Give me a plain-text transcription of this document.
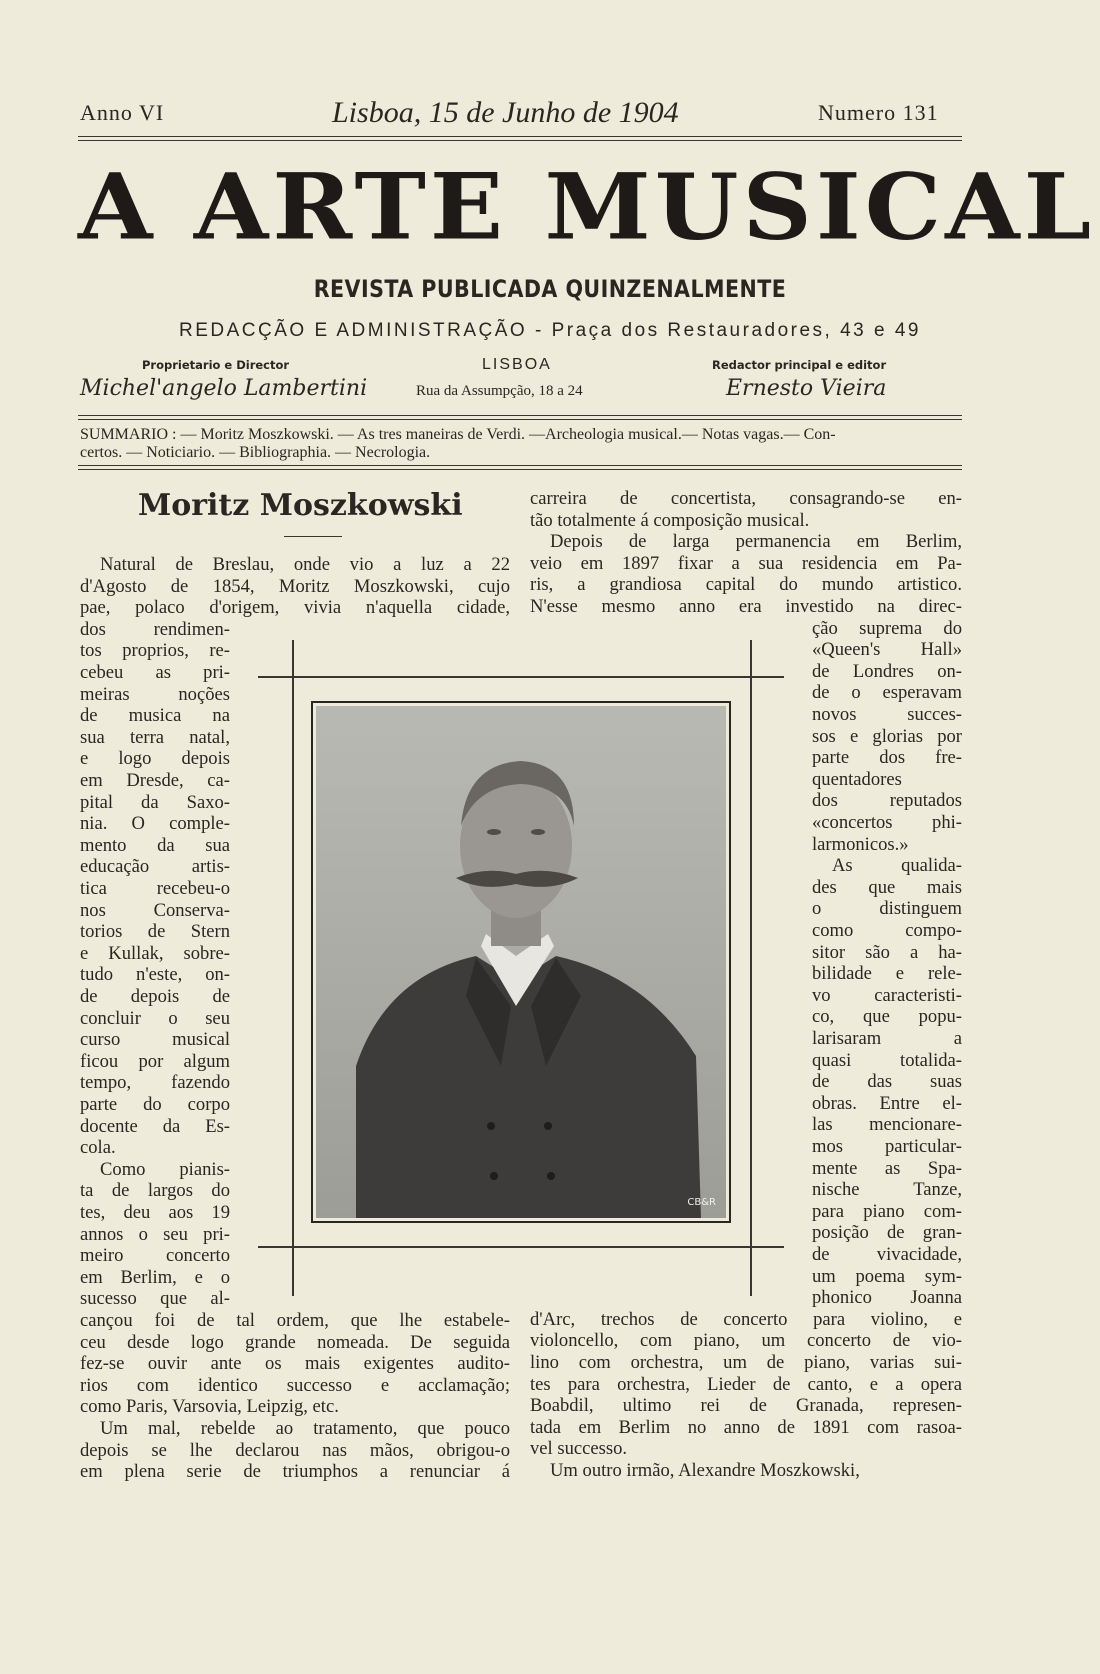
Anno VI	Lisboa, 15 de Junho de 1904	Numero 131
A ARTE MUSICAL
REVISTA PUBLICADA QUINZENALMENTE
REDACÇÃO E ADMINISTRAÇÃO - Praça dos Restauradores, 43 e 49
Proprietario e Director
Michel'angelo Lambertini
LISBOA
Rua da Assumpção, 18 a 24
Redactor principal e editor
Ernesto Vieira

SUMMARIO : — Moritz Moszkowski. — As tres maneiras de Verdi. —Archeologia musical.— Notas vagas.— Con-

certos. — Noticiario. — Bibliographia. — Necrologia.

Moritz Moszkowski
Natural de Breslau, onde vio a luz a 22
d'Agosto de 1854, Moritz Moszkowski, cujo
pae, polaco d'origem, vivia n'aquella cidade,
dos rendimen-
tos proprios, re-
cebeu as pri-
meiras noções
de musica na
sua terra natal,
e logo depois
em Dresde, ca-
pital da Saxo-
nia. O comple-
mento da sua
educação artis-
tica recebeu-o
nos Conserva-
torios de Stern
e Kullak, sobre-
tudo n'este, on-
de depois de
concluir o seu
curso musical
ficou por algum
tempo, fazendo
parte do corpo
docente da Es-
cola.
Como pianis-
ta de largos do
tes, deu aos 19
annos o seu pri-
meiro concerto
em Berlim, e o
sucesso que al-
cançou foi de tal ordem, que lhe estabele-
ceu desde logo grande nomeada. De seguida
fez-se ouvir ante os mais exigentes audito-
rios com identico successo e acclamação;
como Paris, Varsovia, Leipzig, etc.
Um mal, rebelde ao tratamento, que pouco
depois se lhe declarou nas mãos, obrigou-o
em plena serie de triumphos a renunciar á
carreira de concertista, consagrando-se en-
tão totalmente á composição musical.
Depois de larga permanencia em Berlim,
veio em 1897 fixar a sua residencia em Pa-
ris, a grandiosa capital do mundo artistico.
N'esse mesmo anno era investido na direc-
ção suprema do
«Queen's Hall»
de Londres on-
de o esperavam
novos succes-
sos e glorias por
parte dos fre-
quentadores
dos reputados
«concertos phi-
larmonicos.»
As qualida-
des que mais
o distinguem
como compo-
sitor são a ha-
bilidade e rele-
vo caracteristi-
co, que popu-
larisaram a
quasi totalida-
de das suas
obras. Entre el-
las mencionare-
mos particular-
mente as Spa-
nische Tanze,
para piano com-
posição de gran-
de vivacidade,
um poema sym-
phonico Joanna
d'Arc, trechos de concerto para violino, e
violoncello, com piano, um concerto de vio-
lino com orchestra, um de piano, varias sui-
tes para orchestra, Lieder de canto, e a opera
Boabdil, ultimo rei de Granada, represen-
tada em Berlim no anno de 1891 com rasoa-
vel successo.
Um outro irmão, Alexandre Moszkowski,
CB&R
